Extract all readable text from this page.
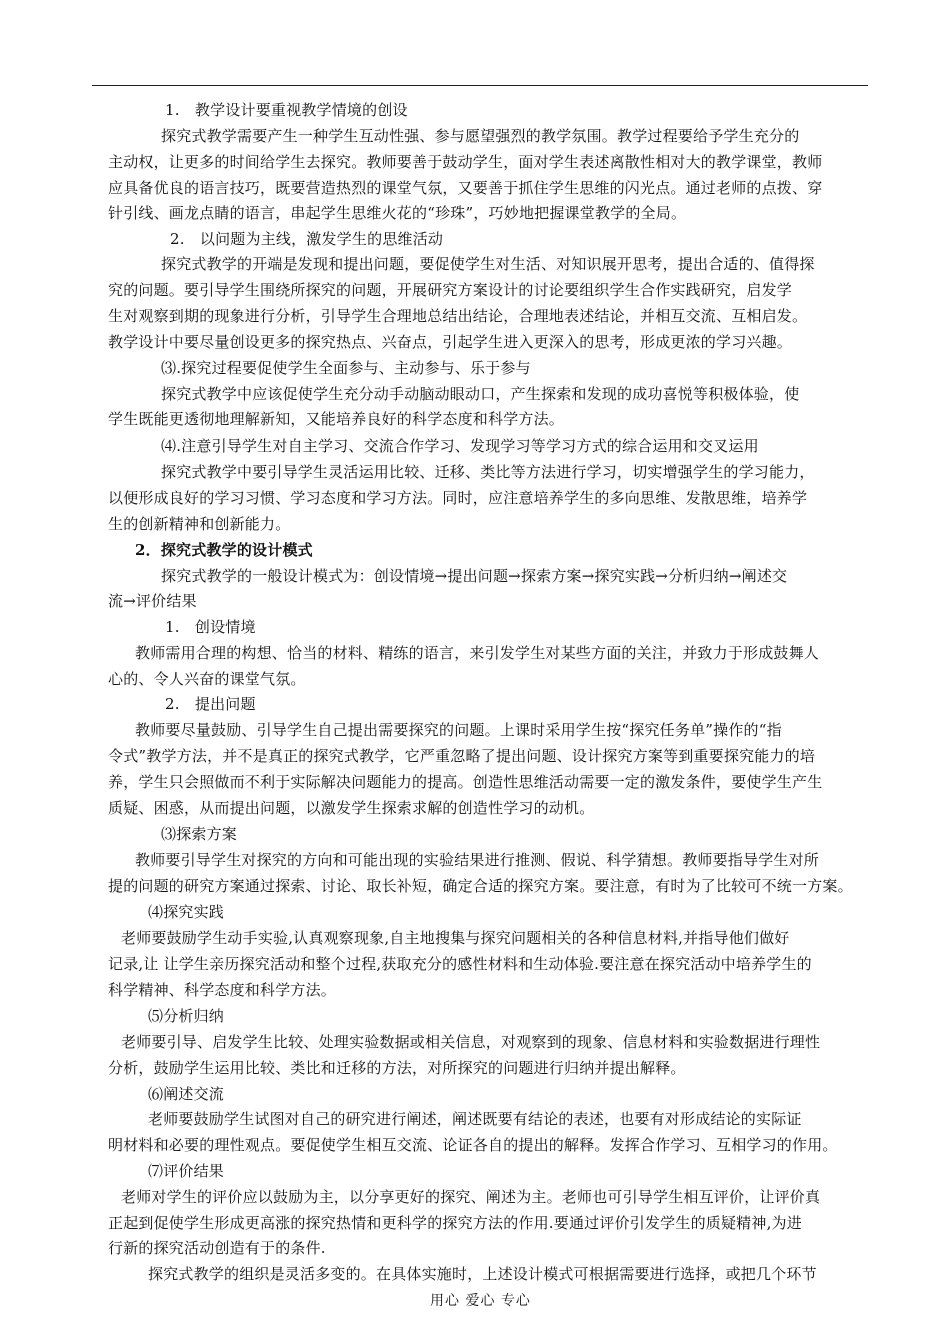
1.　教学设计要重视教学情境的创设
探究式教学需要产生一种学生互动性强、参与愿望强烈的教学氛围。教学过程要给予学生充分的
主动权，让更多的时间给学生去探究。教师要善于鼓动学生，面对学生表述离散性相对大的教学课堂，教师
应具备优良的语言技巧，既要营造热烈的课堂气氛，又要善于抓住学生思维的闪光点。通过老师的点拨、穿
针引线、画龙点睛的语言，串起学生思维火花的“珍珠”，巧妙地把握课堂教学的全局。
2.　以问题为主线，激发学生的思维活动
探究式教学的开端是发现和提出问题，要促使学生对生活、对知识展开思考，提出合适的、值得探
究的问题。要引导学生围绕所探究的问题，开展研究方案设计的讨论要组织学生合作实践研究，启发学
生对观察到期的现象进行分析，引导学生合理地总结出结论，合理地表述结论，并相互交流、互相启发。
教学设计中要尽量创设更多的探究热点、兴奋点，引起学生进入更深入的思考，形成更浓的学习兴趣。
⑶.探究过程要促使学生全面参与、主动参与、乐于参与
探究式教学中应该促使学生充分动手动脑动眼动口，产生探索和发现的成功喜悦等积极体验，使
学生既能更透彻地理解新知，又能培养良好的科学态度和科学方法。
⑷.注意引导学生对自主学习、交流合作学习、发现学习等学习方式的综合运用和交叉运用
探究式教学中要引导学生灵活运用比较、迁移、类比等方法进行学习，切实增强学生的学习能力，
以便形成良好的学习习惯、学习态度和学习方法。同时，应注意培养学生的多向思维、发散思维，培养学
生的创新精神和创新能力。
2．探究式教学的设计模式
探究式教学的一般设计模式为：创设情境→提出问题→探索方案→探究实践→分析归纳→阐述交
流→评价结果
1.　创设情境
教师需用合理的构想、恰当的材料、精练的语言，来引发学生对某些方面的关注，并致力于形成鼓舞人
心的、令人兴奋的课堂气氛。
2.　提出问题
教师要尽量鼓励、引导学生自己提出需要探究的问题。上课时采用学生按“探究任务单”操作的“指
令式”教学方法，并不是真正的探究式教学，它严重忽略了提出问题、设计探究方案等到重要探究能力的培
养，学生只会照做而不利于实际解决问题能力的提高。创造性思维活动需要一定的激发条件，要使学生产生
质疑、困惑，从而提出问题，以激发学生探索求解的创造性学习的动机。
⑶探索方案
教师要引导学生对探究的方向和可能出现的实验结果进行推测、假说、科学猜想。教师要指导学生对所
提的问题的研究方案通过探索、讨论、取长补短，确定合适的探究方案。要注意，有时为了比较可不统一方案。
⑷探究实践
老师要鼓励学生动手实验,认真观察现象,自主地搜集与探究问题相关的各种信息材料,并指导他们做好
记录,让 让学生亲历探究活动和整个过程,获取充分的感性材料和生动体验.要注意在探究活动中培养学生的
科学精神、科学态度和科学方法。
⑸分析归纳
老师要引导、启发学生比较、处理实验数据或相关信息，对观察到的现象、信息材料和实验数据进行理性
分析，鼓励学生运用比较、类比和迁移的方法，对所探究的问题进行归纳并提出解释。
⑹阐述交流
老师要鼓励学生试图对自己的研究进行阐述，阐述既要有结论的表述，也要有对形成结论的实际证
明材料和必要的理性观点。要促使学生相互交流、论证各自的提出的解释。发挥合作学习、互相学习的作用。
⑺评价结果
老师对学生的评价应以鼓励为主，以分享更好的探究、阐述为主。老师也可引导学生相互评价，让评价真
正起到促使学生形成更高涨的探究热情和更科学的探究方法的作用.要通过评价引发学生的质疑精神,为进
行新的探究活动创造有于的条件.
探究式教学的组织是灵活多变的。在具体实施时，上述设计模式可根据需要进行选择，或把几个环节
用心 爱心 专心
